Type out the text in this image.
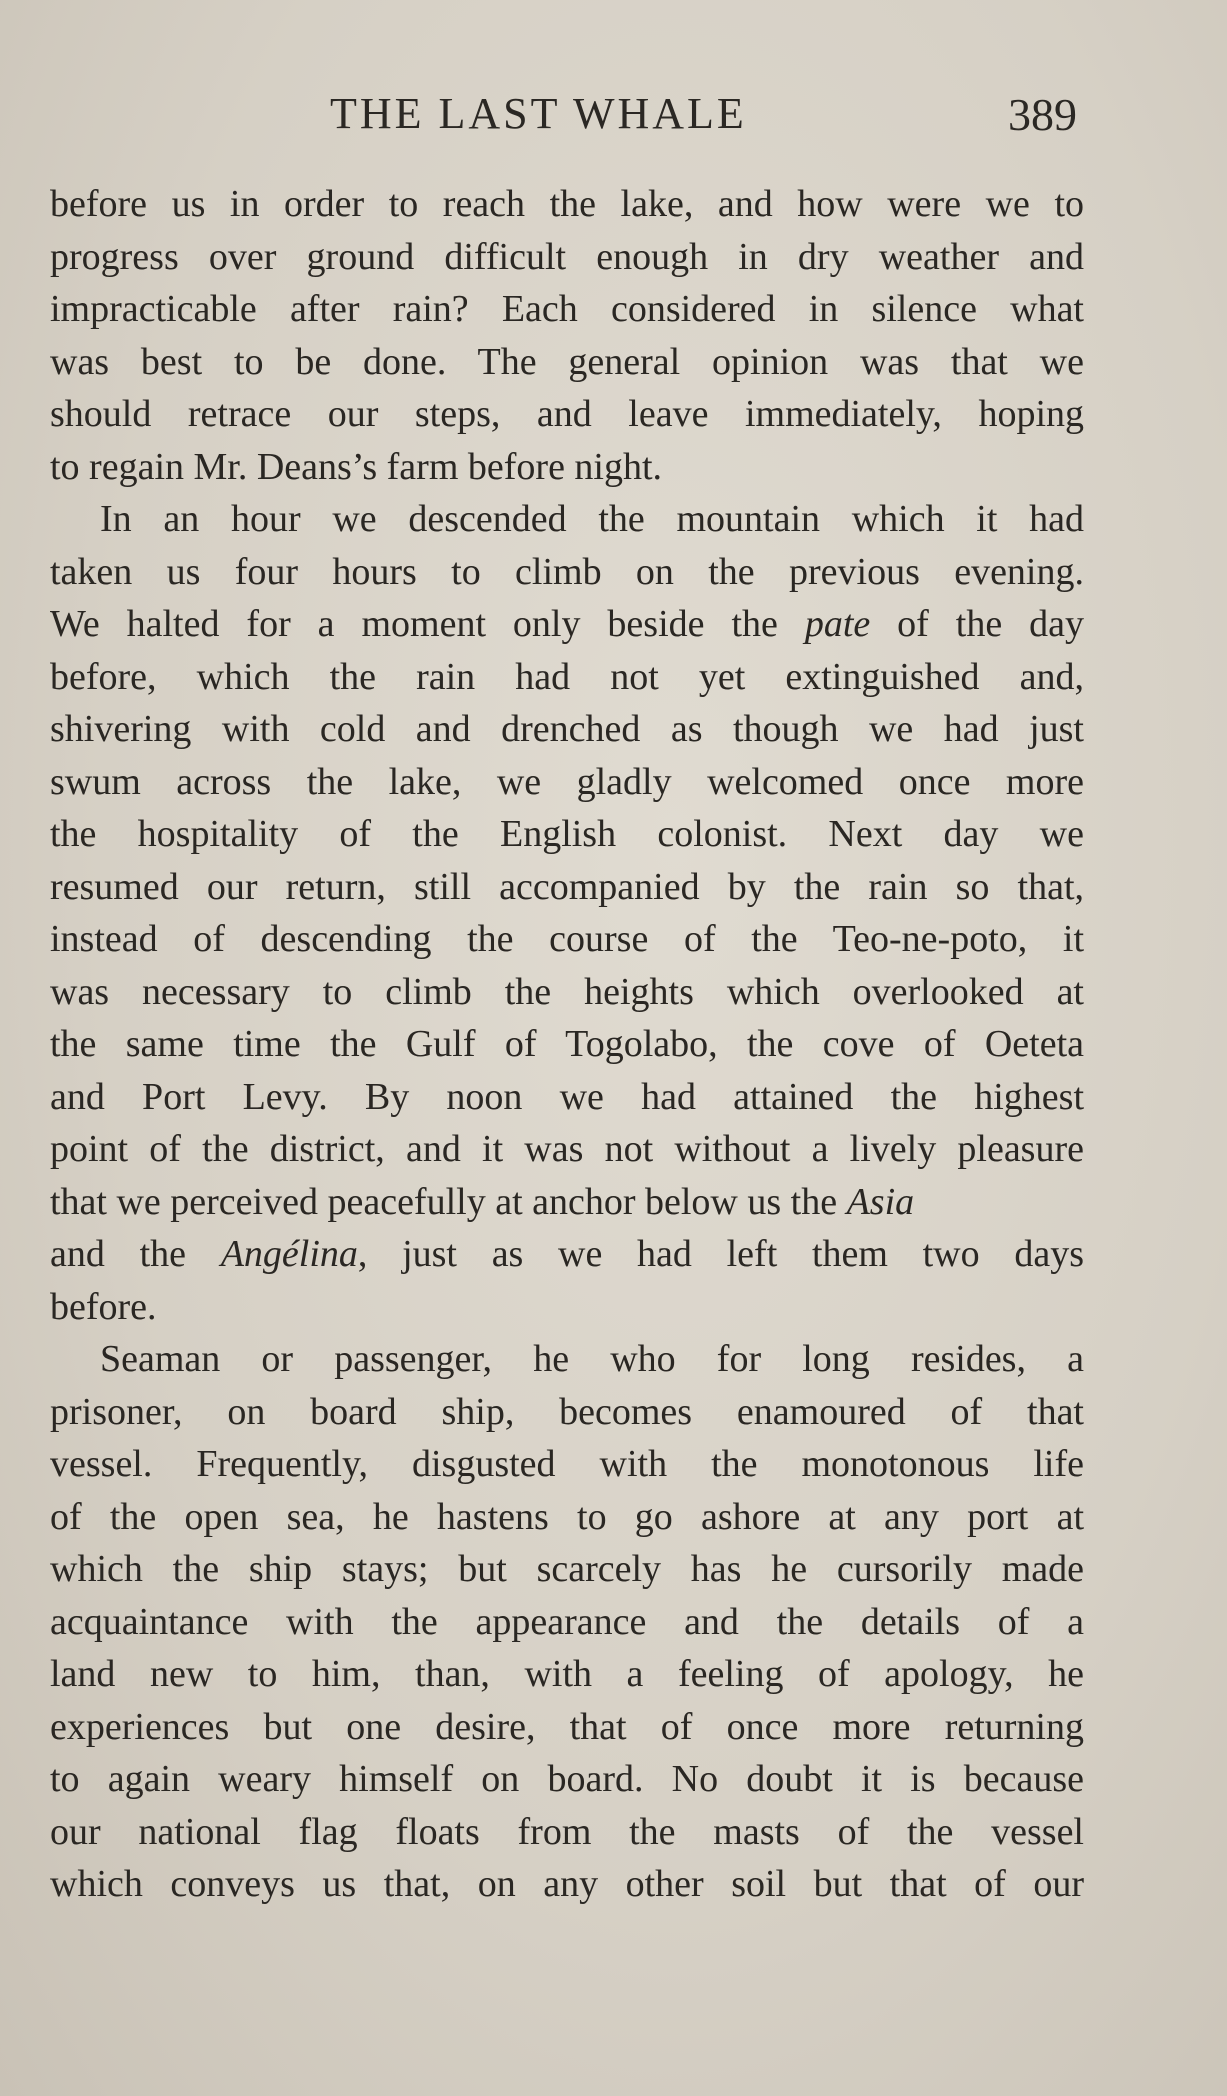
THE LAST WHALE	389
before us in order to reach the lake, and how were we to
progress over ground difficult enough in dry weather and
impracticable after rain? Each considered in silence what
was best to be done. The general opinion was that we
should retrace our steps, and leave immediately, hoping
to regain Mr. Deans’s farm before night.
In an hour we descended the mountain which it had
taken us four hours to climb on the previous evening.
We halted for a moment only beside the pate of the day
before, which the rain had not yet extinguished and,
shivering with cold and drenched as though we had just
swum across the lake, we gladly welcomed once more
the hospitality of the English colonist. Next day we
resumed our return, still accompanied by the rain so that,
instead of descending the course of the Teo-ne-poto, it
was necessary to climb the heights which overlooked at
the same time the Gulf of Togolabo, the cove of Oeteta
and Port Levy. By noon we had attained the highest
point of the district, and it was not without a lively pleasure
that we perceived peacefully at anchor below us the Asia
and the Angélina, just as we had left them two days
before.
Seaman or passenger, he who for long resides, a
prisoner, on board ship, becomes enamoured of that
vessel. Frequently, disgusted with the monotonous life
of the open sea, he hastens to go ashore at any port at
which the ship stays; but scarcely has he cursorily made
acquaintance with the appearance and the details of a
land new to him, than, with a feeling of apology, he
experiences but one desire, that of once more returning
to again weary himself on board. No doubt it is because
our national flag floats from the masts of the vessel
which conveys us that, on any other soil but that of our
